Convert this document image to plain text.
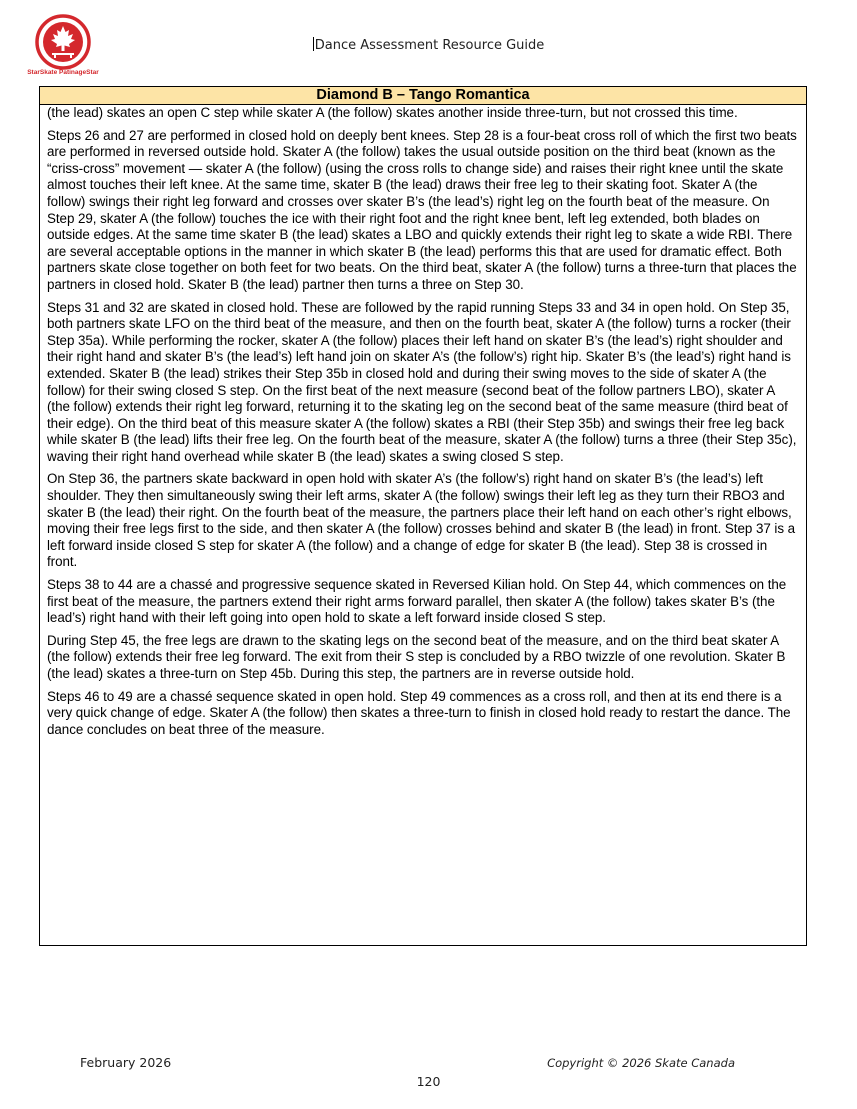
StarSkate PatinageStar
Dance Assessment Resource Guide
Diamond B – Tango Romantica

(the lead) skates an open C step while skater A (the follow) skates another inside three-turn, but not crossed this time.

Steps 26 and 27 are performed in closed hold on deeply bent knees. Step 28 is a four-beat cross roll of which the first two beats are performed in reversed outside hold. Skater A (the follow) takes the usual outside position on the third beat (known as the “criss-cross” movement — skater A (the follow) (using the cross rolls to change side) and raises their right knee until the skate almost touches their left knee. At the same time, skater B (the lead) draws their free leg to their skating foot. Skater A (the follow) swings their right leg forward and crosses over skater B’s (the lead’s) right leg on the fourth beat of the measure. On Step 29, skater A (the follow) touches the ice with their right foot and the right knee bent, left leg extended, both blades on outside edges. At the same time skater B (the lead) skates a LBO and quickly extends their right leg to skate a wide RBI. There are several acceptable options in the manner in which skater B (the lead) performs this that are used for dramatic effect. Both partners skate close together on both feet for two beats. On the third beat, skater A (the follow) turns a three-turn that places the partners in closed hold. Skater B (the lead) partner then turns a three on Step 30.

Steps 31 and 32 are skated in closed hold. These are followed by the rapid running Steps 33 and 34 in open hold. On Step 35, both partners skate LFO on the third beat of the measure, and then on the fourth beat, skater A (the follow) turns a rocker (their Step 35a). While performing the rocker, skater A (the follow) places their left hand on skater B’s (the lead’s) right shoulder and their right hand and skater B’s (the lead’s) left hand join on skater A’s (the follow’s) right hip. Skater B’s (the lead’s) right hand is extended. Skater B (the lead) strikes their Step 35b in closed hold and during their swing moves to the side of skater A (the follow) for their swing closed S step. On the first beat of the next measure (second beat of the follow partners LBO), skater A (the follow) extends their right leg forward, returning it to the skating leg on the second beat of the same measure (third beat of their edge). On the third beat of this measure skater A (the follow) skates a RBI (their Step 35b) and swings their free leg back while skater B (the lead) lifts their free leg. On the fourth beat of the measure, skater A (the follow) turns a three (their Step 35c), waving their right hand overhead while skater B (the lead) skates a swing closed S step.

On Step 36, the partners skate backward in open hold with skater A’s (the follow’s) right hand on skater B’s (the lead’s) left shoulder. They then simultaneously swing their left arms, skater A (the follow) swings their left leg as they turn their RBO3 and skater B (the lead) their right. On the fourth beat of the measure, the partners place their left hand on each other’s right elbows, moving their free legs first to the side, and then skater A (the follow) crosses behind and skater B (the lead) in front. Step 37 is a left forward inside closed S step for skater A (the follow) and a change of edge for skater B (the lead). Step 38 is crossed in front.

Steps 38 to 44 are a chassé and progressive sequence skated in Reversed Kilian hold. On Step 44, which commences on the first beat of the measure, the partners extend their right arms forward parallel, then skater A (the follow) takes skater B’s (the lead’s) right hand with their left going into open hold to skate a left forward inside closed S step.

During Step 45, the free legs are drawn to the skating legs on the second beat of the measure, and on the third beat skater A (the follow) extends their free leg forward. The exit from their S step is concluded by a RBO twizzle of one revolution. Skater B (the lead) skates a three-turn on Step 45b. During this step, the partners are in reverse outside hold.

Steps 46 to 49 are a chassé sequence skated in open hold. Step 49 commences as a cross roll, and then at its end there is a very quick change of edge. Skater A (the follow) then skates a three-turn to finish in closed hold ready to restart the dance. The dance concludes on beat three of the measure.

February 2026	Copyright © 2026 Skate Canada
120
